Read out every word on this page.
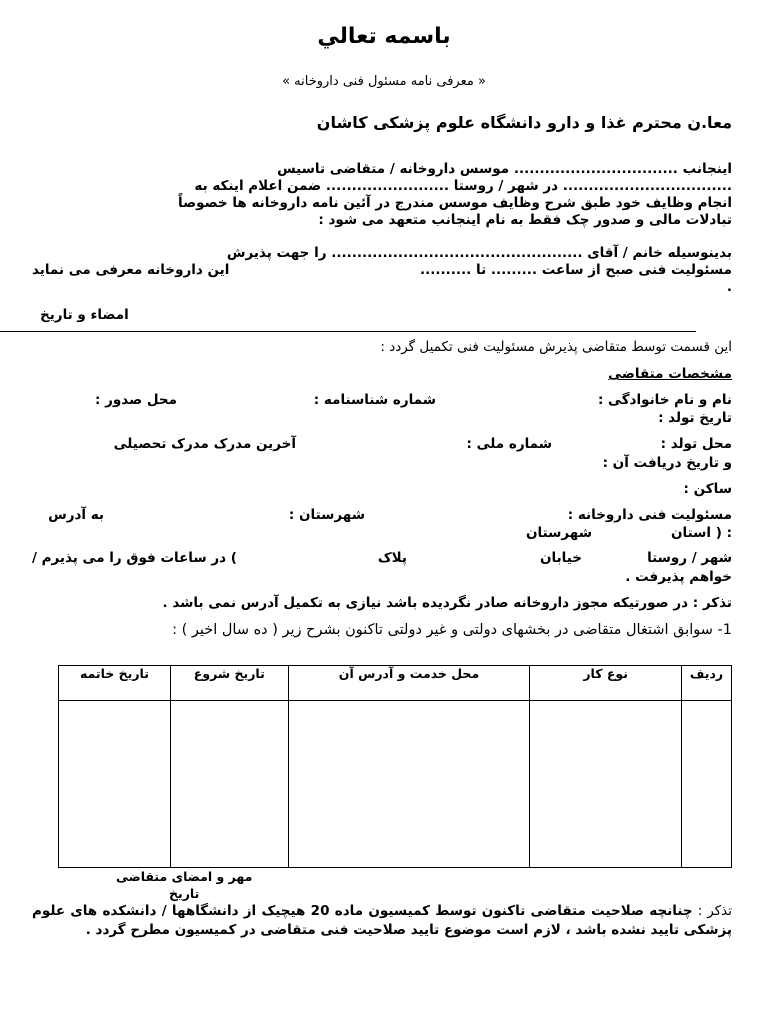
باسمه تعالي
« معرفی نامه مسئول فنی داروخانه »
معا.ن محترم غذا و دارو دانشگاه علوم پزشکی کاشان
اینجانب ................................ موسس داروخانه / متقاضی تاسیس
................................. در شهر / روستا ........................ ضمن اعلام اینکه به
انجام وظایف خود طبق شرح وظایف موسس مندرج در آئین نامه داروخانه ها خصوصاً
تبادلات مالی و صدور چک فقط به نام اینجانب متعهد می شود :
بدینوسیله خانم / آقای ................................................. را جهت پذیرش
مسئولیت فنی صبح از ساعت ......... تا ..........
این داروخانه معرفی می نماید
.
امضاء و تاریخ
این قسمت توسط متقاضی پذیرش مسئولیت فنی تکمیل گردد :
مشخصات متقاضی
نام و نام خانوادگی :
شماره شناسنامه :
محل صدور :
تاریخ تولد :
محل تولد :
شماره ملی :
آخرین مدرک مدرک تحصیلی
و تاریخ دریافت آن :
ساکن :
مسئولیت فنی داروخانه :
شهرستان :
به آدرس
: ( استان
شهرستان
شهر / روستا
خیابان
پلاک
) در ساعات فوق را می پذیرم /
خواهم پذیرفت .
تذکر : در صورتیکه مجوز داروخانه صادر نگردیده باشد نیازی به تکمیل آدرس نمی باشد .
1- سوابق اشتغال متقاضی در بخشهای دولتی و غیر دولتی تاکنون بشرح زیر ( ده سال اخیر ) :
ردیف	نوع کار	محل خدمت و آدرس آن	تاریخ شروع	تاریخ خاتمه

مهر و امضای متقاضی
تاریخ
تذکر : چنانچه صلاحیت متقاضی تاکنون توسط کمیسیون ماده 20 هیچیک از دانشگاهها / دانشکده های علوم پزشکی تایید نشده باشد ، لازم است موضوع تایید صلاحیت فنی متقاضی در کمیسیون مطرح گردد .
